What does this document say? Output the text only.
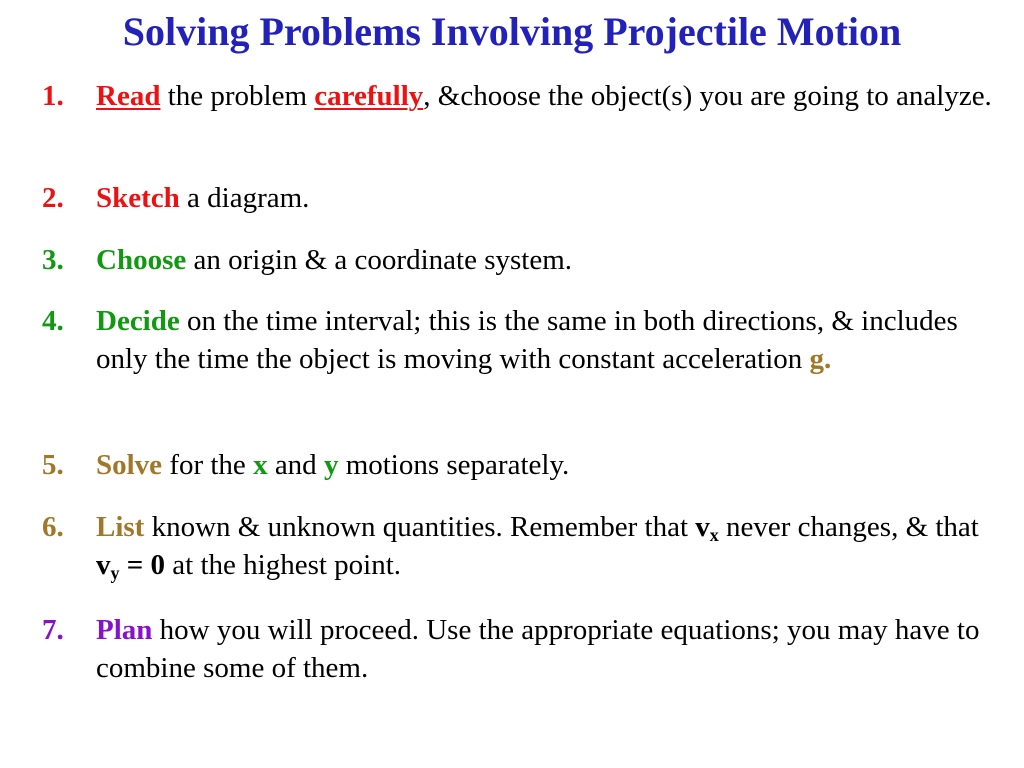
Solving Problems Involving Projectile Motion
1. Read the problem carefully, &choose the object(s) you are going to analyze.
2. Sketch a diagram.
3. Choose an origin & a coordinate system.
4. Decide on the time interval; this is the same in both directions, & includes only the time the object is moving with constant acceleration g.
5. Solve for the x and y motions separately.
6. List known & unknown quantities. Remember that $v_x$ never changes, & that $v_y = 0$ at the highest point.
7. Plan how you will proceed. Use the appropriate equations; you may have to combine some of them.
